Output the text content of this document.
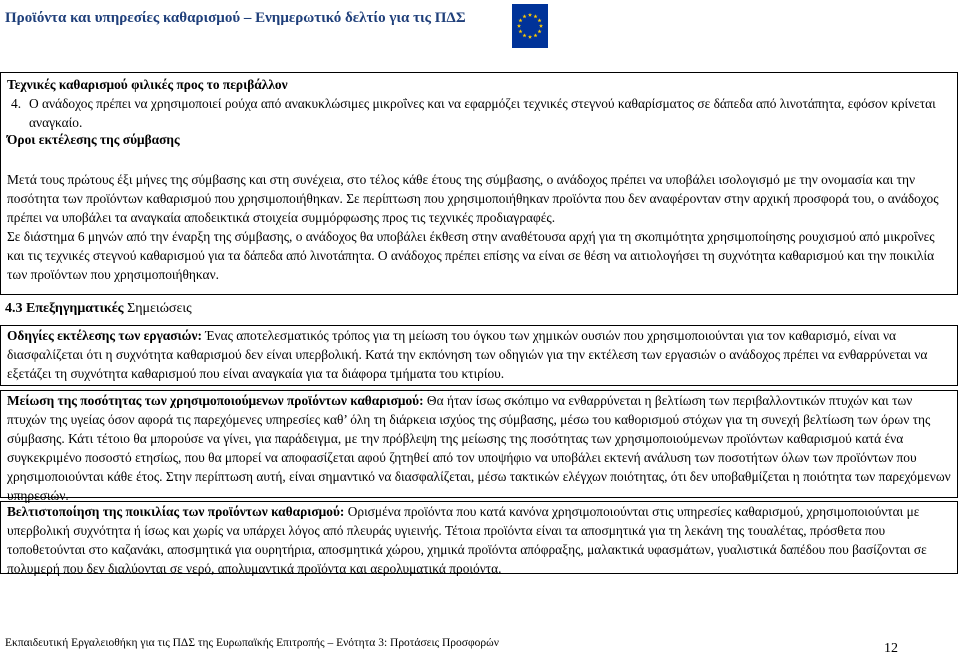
Προϊόντα και υπηρεσίες καθαρισμού – Ενημερωτικό δελτίο για τις ΠΔΣ
Τεχνικές καθαρισμού φιλικές προς το περιβάλλον
4. Ο ανάδοχος πρέπει να χρησιμοποιεί ρούχα από ανακυκλώσιμες μικροΐνες και να εφαρμόζει τεχνικές στεγνού καθαρίσματος σε δάπεδα από λινοτάπητα, εφόσον κρίνεται αναγκαίο.
Όροι εκτέλεσης της σύμβασης

Μετά τους πρώτους έξι μήνες της σύμβασης και στη συνέχεια, στο τέλος κάθε έτους της σύμβασης, ο ανάδοχος πρέπει να υποβάλει ισολογισμό με την ονομασία και την ποσότητα των προϊόντων καθαρισμού που χρησιμοποιήθηκαν. Σε περίπτωση που χρησιμοποιήθηκαν προϊόντα που δεν αναφέρονταν στην αρχική προσφορά του, ο ανάδοχος πρέπει να υποβάλει τα αναγκαία αποδεικτικά στοιχεία συμμόρφωσης προς τις τεχνικές προδιαγραφές.

Σε διάστημα 6 μηνών από την έναρξη της σύμβασης, ο ανάδοχος θα υποβάλει έκθεση στην αναθέτουσα αρχή για τη σκοπιμότητα χρησιμοποίησης ρουχισμού από μικροΐνες και τις τεχνικές στεγνού καθαρισμού για τα δάπεδα από λινοτάπητα. Ο ανάδοχος πρέπει επίσης να είναι σε θέση να αιτιολογήσει τη συχνότητα καθαρισμού και την ποικιλία των προϊόντων που χρησιμοποιήθηκαν.

4.3 Επεξηγηματικές Σημειώσεις
Οδηγίες εκτέλεσης των εργασιών: Ένας αποτελεσματικός τρόπος για τη μείωση του όγκου των χημικών ουσιών που χρησιμοποιούνται για τον καθαρισμό, είναι να διασφαλίζεται ότι η συχνότητα καθαρισμού δεν είναι υπερβολική. Κατά την εκπόνηση των οδηγιών για την εκτέλεση των εργασιών ο ανάδοχος πρέπει να ενθαρρύνεται να εξετάζει τη συχνότητα καθαρισμού που είναι αναγκαία για τα διάφορα τμήματα του κτιρίου.
Μείωση της ποσότητας των χρησιμοποιούμενων προϊόντων καθαρισμού: Θα ήταν ίσως σκόπιμο να ενθαρρύνεται η βελτίωση των περιβαλλοντικών πτυχών και των πτυχών της υγείας όσον αφορά τις παρεχόμενες υπηρεσίες καθ’ όλη τη διάρκεια ισχύος της σύμβασης, μέσω του καθορισμού στόχων για τη συνεχή βελτίωση των όρων της σύμβασης. Κάτι τέτοιο θα μπορούσε να γίνει, για παράδειγμα, με την πρόβλεψη της μείωσης της ποσότητας των χρησιμοποιούμενων προϊόντων καθαρισμού κατά ένα συγκεκριμένο ποσοστό ετησίως, που θα μπορεί να αποφασίζεται αφού ζητηθεί από τον υποψήφιο να υποβάλει εκτενή ανάλυση των ποσοτήτων όλων των προϊόντων που χρησιμοποιούνται κάθε έτος. Στην περίπτωση αυτή, είναι σημαντικό να διασφαλίζεται, μέσω τακτικών ελέγχων ποιότητας, ότι δεν υποβαθμίζεται η ποιότητα των παρεχόμενων υπηρεσιών.
Βελτιστοποίηση της ποικιλίας των προϊόντων καθαρισμού: Ορισμένα προϊόντα που κατά κανόνα χρησιμοποιούνται στις υπηρεσίες καθαρισμού, χρησιμοποιούνται με υπερβολική συχνότητα ή ίσως και χωρίς να υπάρχει λόγος από πλευράς υγιεινής. Τέτοια προϊόντα είναι τα αποσμητικά για τη λεκάνη της τουαλέτας, πρόσθετα που τοποθετούνται στο καζανάκι, αποσμητικά για ουρητήρια, αποσμητικά χώρου, χημικά προϊόντα απόφραξης, μαλακτικά υφασμάτων, γυαλιστικά δαπέδου που βασίζονται σε πολυμερή που δεν διαλύονται σε νερό, απολυμαντικά προϊόντα και αερολυματικά προιόντα.
Εκπαιδευτική Εργαλειοθήκη για τις ΠΔΣ της Ευρωπαϊκής Επιτροπής – Ενότητα 3: Προτάσεις Προσφορών	12
